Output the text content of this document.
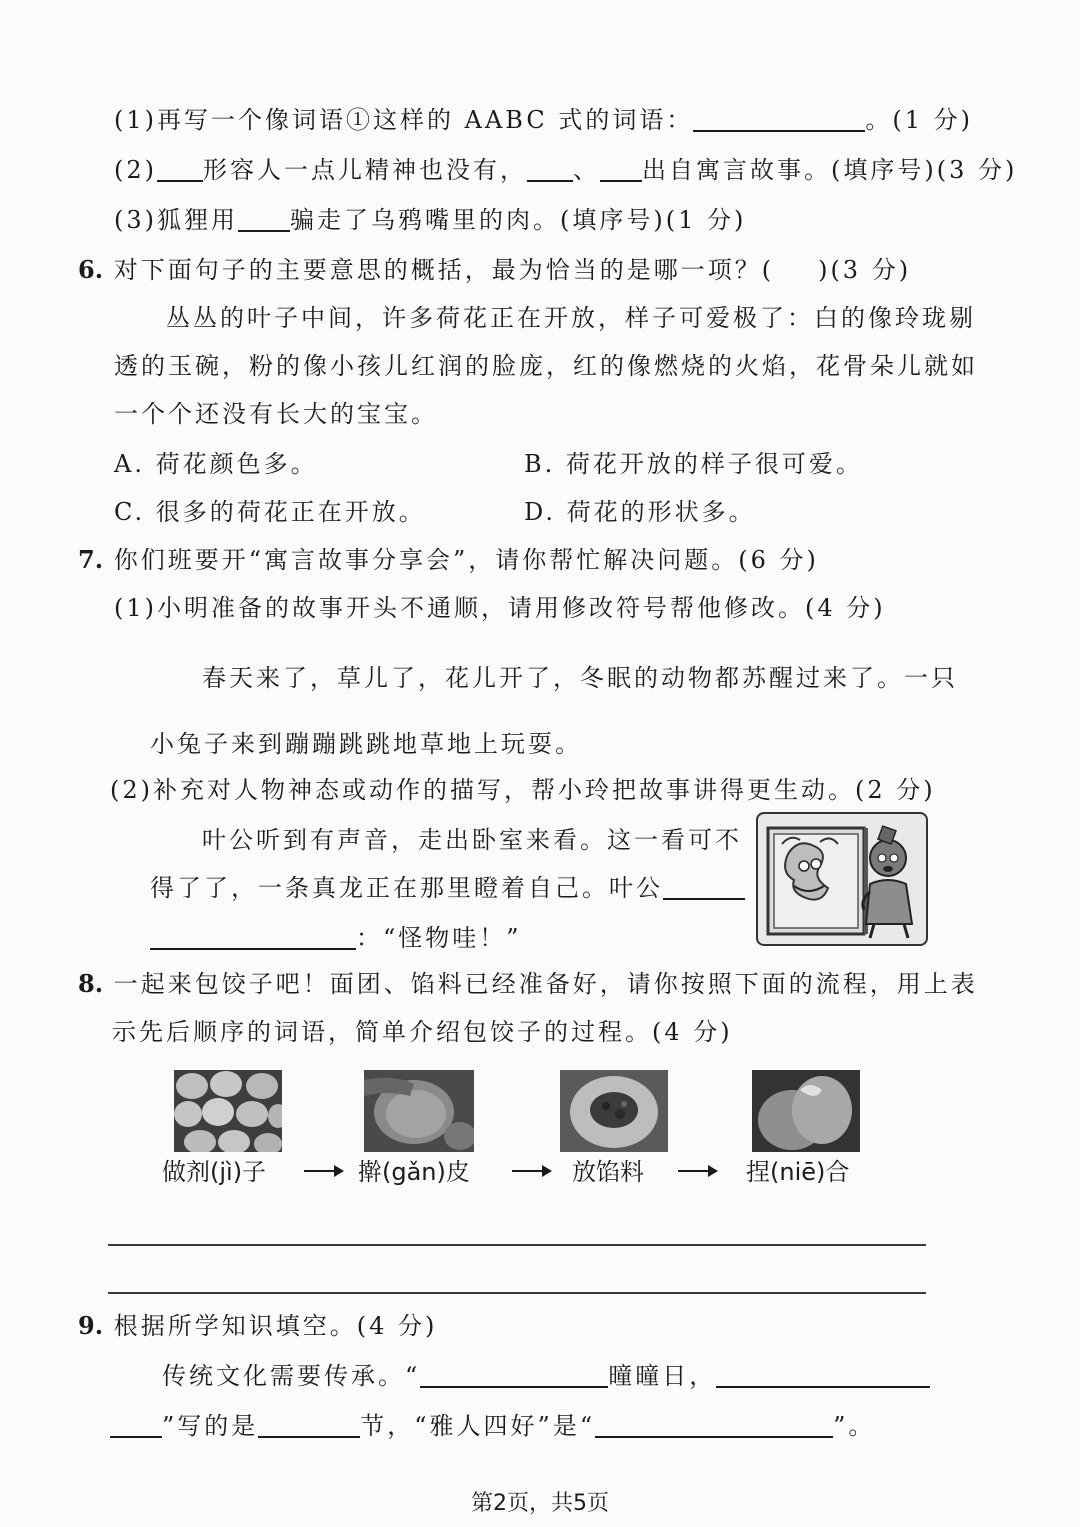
(1)再写一个像词语①这样的 AABC 式的词语：	。(1 分)
(2) 形容人一点儿精神也没有， 、 出自寓言故事。(填序号)(3 分)
(3)狐狸用 骗走了乌鸦嘴里的肉。(填序号)(1 分)
6. 对下面句子的主要意思的概括，最为恰当的是哪一项？( )(3 分)
丛丛的叶子中间，许多荷花正在开放，样子可爱极了：白的像玲珑剔
透的玉碗，粉的像小孩儿红润的脸庞，红的像燃烧的火焰，花骨朵儿就如
一个个还没有长大的宝宝。
A. 荷花颜色多。	B. 荷花开放的样子很可爱。
C. 很多的荷花正在开放。	D. 荷花的形状多。
7. 你们班要开“寓言故事分享会”，请你帮忙解决问题。(6 分)
(1)小明准备的故事开头不通顺，请用修改符号帮他修改。(4 分)
春天来了，草儿了，花儿开了，冬眠的动物都苏醒过来了。一只
小兔子来到蹦蹦跳跳地草地上玩耍。
(2)补充对人物神态或动作的描写，帮小玲把故事讲得更生动。(2 分)
叶公听到有声音，走出卧室来看。这一看可不
得了了，一条真龙正在那里瞪着自己。叶公
：“怪物哇！”
8. 一起来包饺子吧！面团、馅料已经准备好，请你按照下面的流程，用上表
示先后顺序的词语，简单介绍包饺子的过程。(4 分)
做剂(jì)子	擀(gǎn)皮	放馅料	捏(niē)合
9. 根据所学知识填空。(4 分)
传统文化需要传承。“	曈曈日，
”写的是	节，“雅人四好”是“	”。
第2页，共5页
